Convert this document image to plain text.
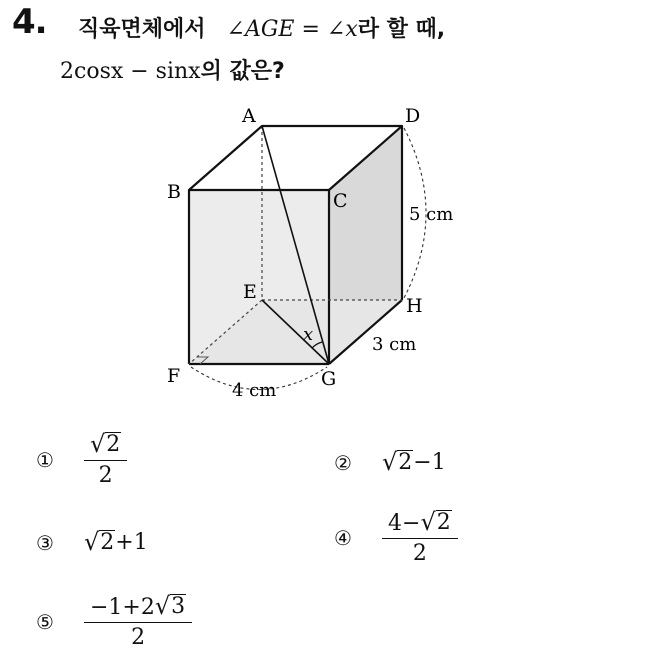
4. 직육면체에서 ∠AGE = ∠x라 할 때,
2cosx − sinx의 값은?
A	D
B	C
E
H
F	G
x
5 cm
3 cm
4 cm
①	$\frac{√ 2}{2}$	②	√ 2 −1
③	√ 2 +1	④	$\frac{4- √ 2}{2}$
⑤	$\frac{-1+2 √ 3}{2}$
